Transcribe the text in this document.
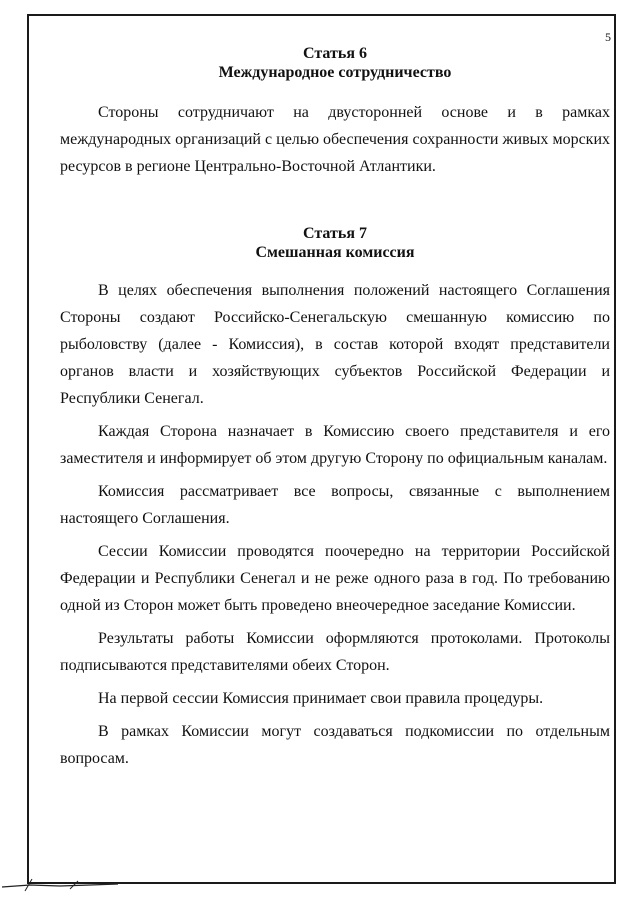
5
Статья 6
Международное сотрудничество

Стороны сотрудничают на двусторонней основе и в рамках международных организаций с целью обеспечения сохранности живых морских ресурсов в регионе Центрально-Восточной Атлантики.

Статья 7
Смешанная комиссия

В целях обеспечения выполнения положений настоящего Соглашения Стороны создают Российско-Сенегальскую смешанную комиссию по рыболовству (далее - Комиссия), в состав которой входят представители органов власти и хозяйствующих субъектов Российской Федерации и Республики Сенегал.

Каждая Сторона назначает в Комиссию своего представителя и его заместителя и информирует об этом другую Сторону по официальным каналам.

Комиссия рассматривает все вопросы, связанные с выполнением настоящего Соглашения.

Сессии Комиссии проводятся поочередно на территории Российской Федерации и Республики Сенегал и не реже одного раза в год. По требованию одной из Сторон может быть проведено внеочередное заседание Комиссии.

Результаты работы Комиссии оформляются протоколами. Протоколы подписываются представителями обеих Сторон.

На первой сессии Комиссия принимает свои правила процедуры.

В рамках Комиссии могут создаваться подкомиссии по отдельным вопросам.
